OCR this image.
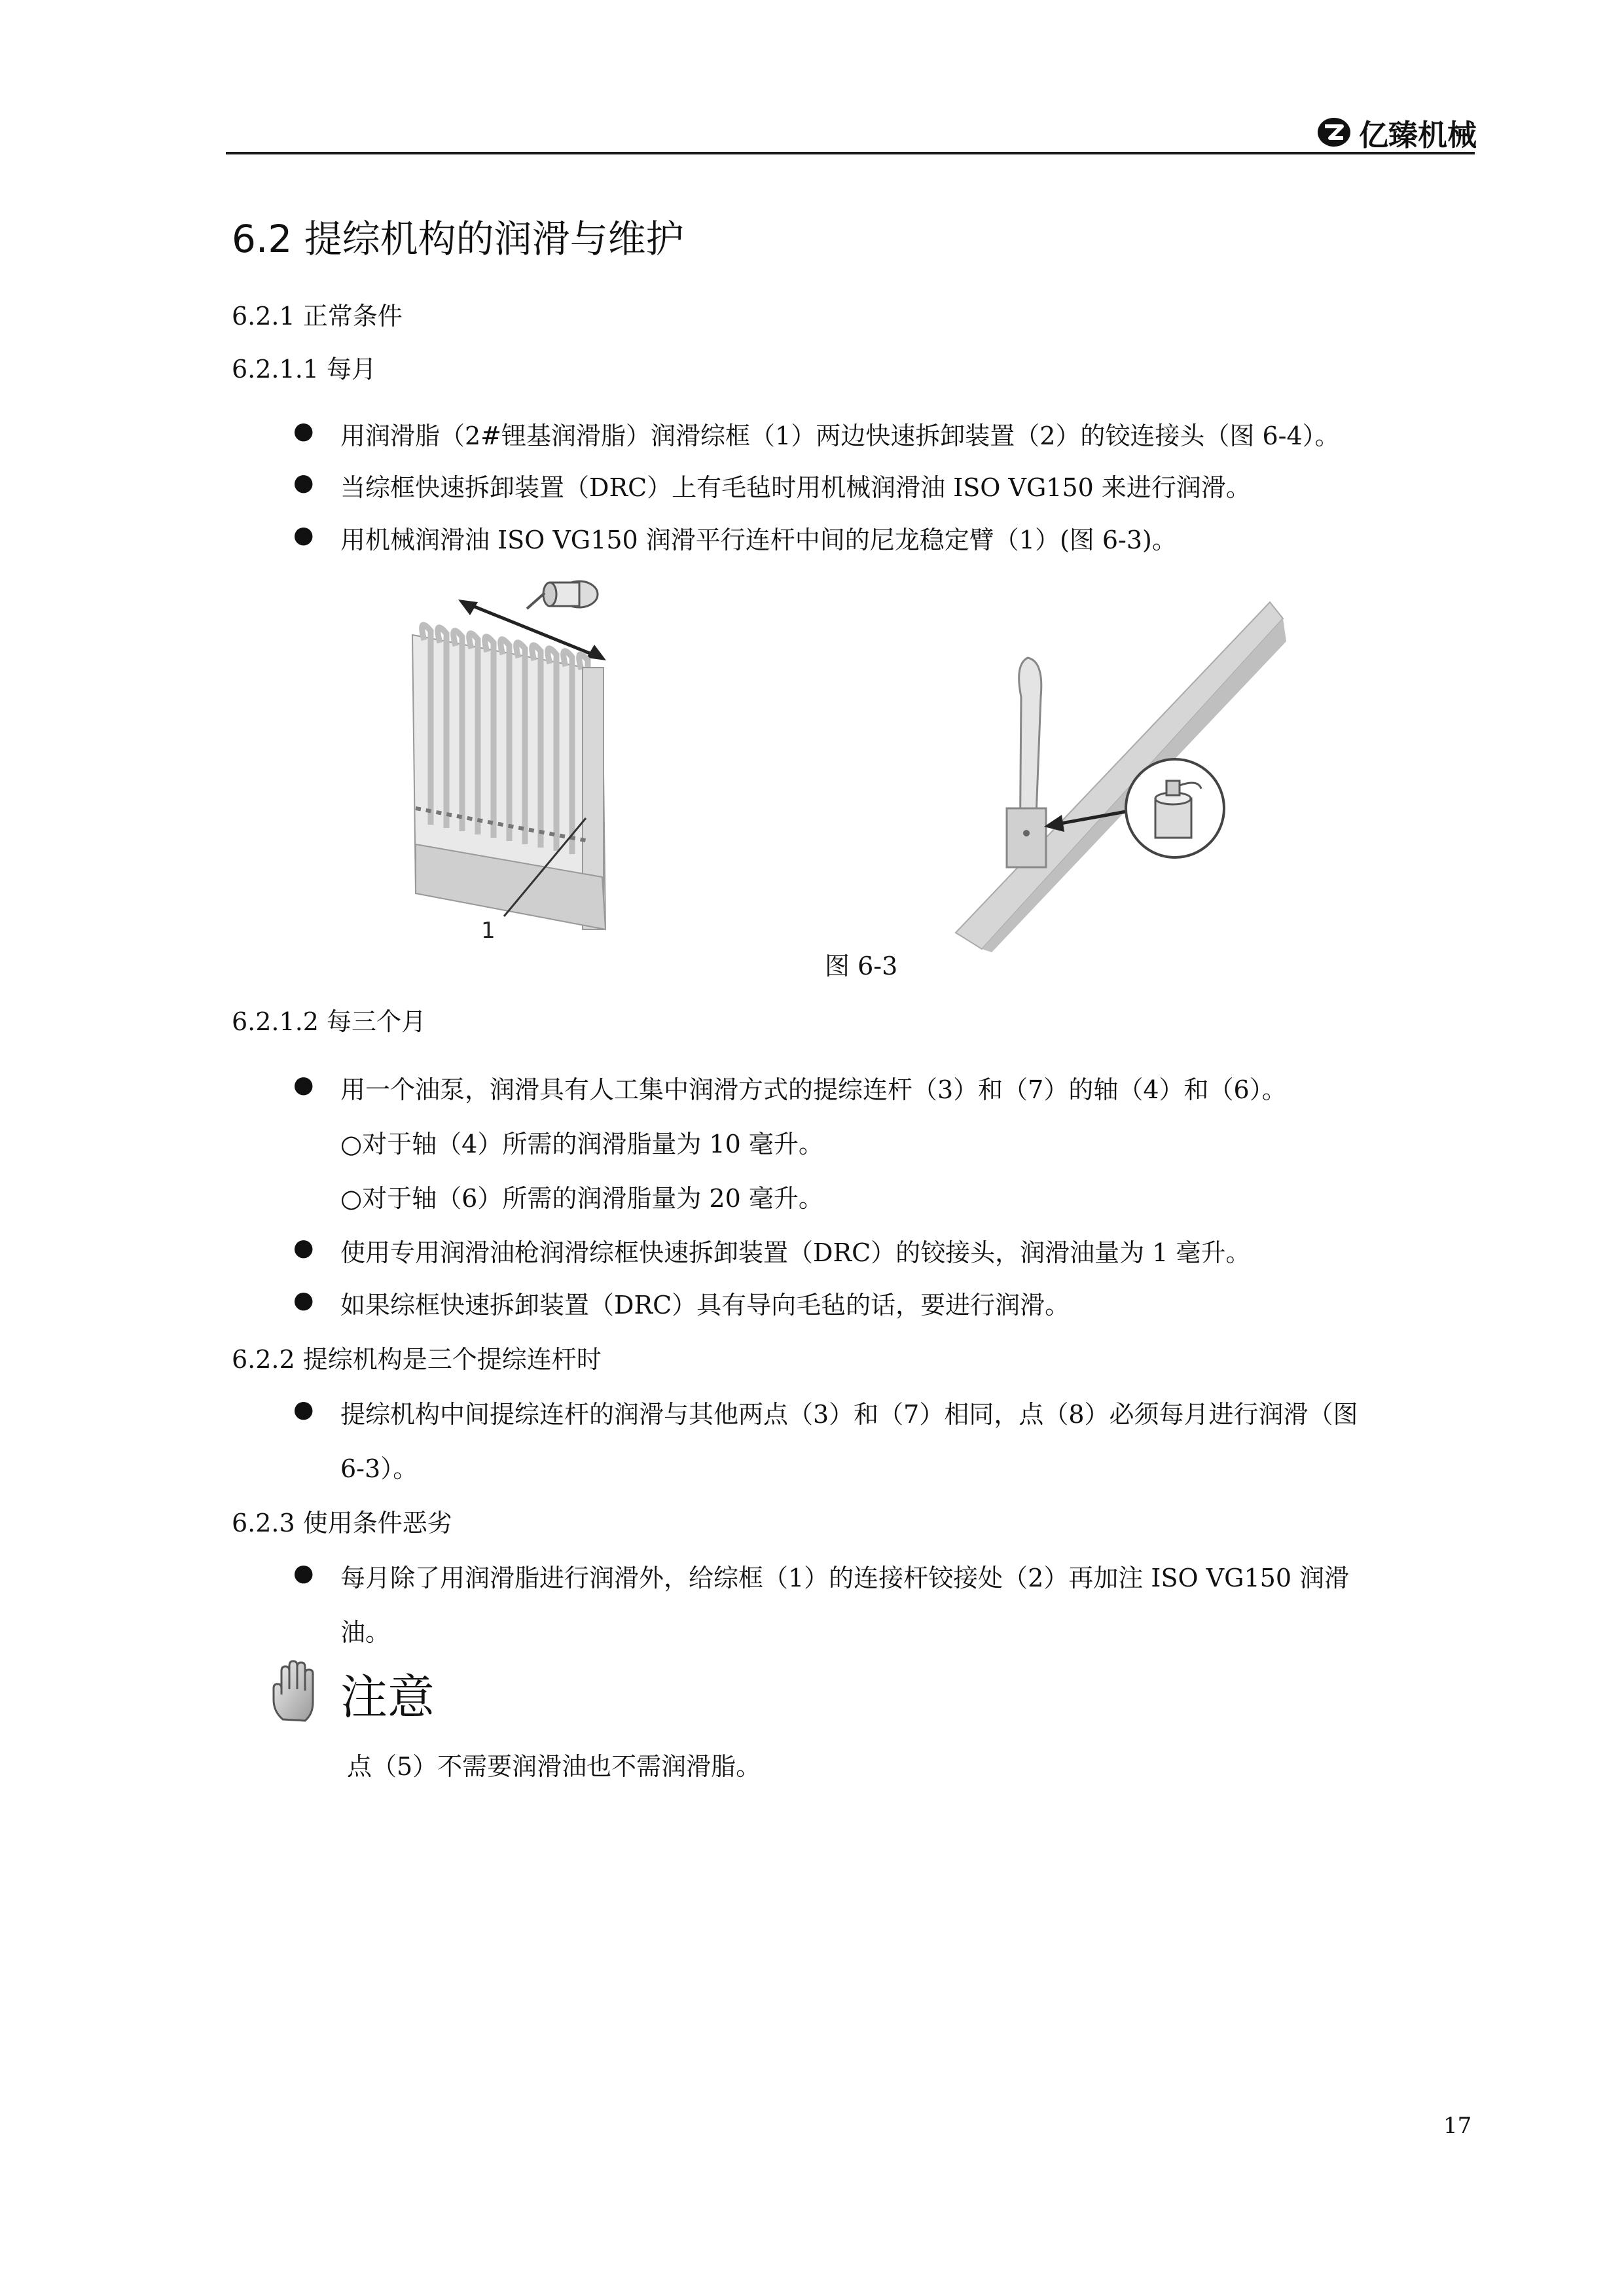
亿臻机械
6.2 提综机构的润滑与维护
6.2.1 正常条件
6.2.1.1 每月
● 用润滑脂（2#锂基润滑脂）润滑综框（1）两边快速拆卸装置（2）的铰连接头（图 6-4）。
● 当综框快速拆卸装置（DRC）上有毛毡时用机械润滑油 ISO VG150 来进行润滑。
● 用机械润滑油 ISO VG150 润滑平行连杆中间的尼龙稳定臂（1）(图 6-3)。
1
图 6-3
6.2.1.2 每三个月
● 用一个油泵，润滑具有人工集中润滑方式的提综连杆（3）和（7）的轴（4）和（6）。
○对于轴（4）所需的润滑脂量为 10 毫升。
○对于轴（6）所需的润滑脂量为 20 毫升。
● 使用专用润滑油枪润滑综框快速拆卸装置（DRC）的铰接头，润滑油量为 1 毫升。
● 如果综框快速拆卸装置（DRC）具有导向毛毡的话，要进行润滑。
6.2.2 提综机构是三个提综连杆时
● 提综机构中间提综连杆的润滑与其他两点（3）和（7）相同，点（8）必须每月进行润滑（图
6-3）。
6.2.3 使用条件恶劣
● 每月除了用润滑脂进行润滑外，给综框（1）的连接杆铰接处（2）再加注 ISO VG150 润滑
油。
注意
点（5）不需要润滑油也不需润滑脂。
17
